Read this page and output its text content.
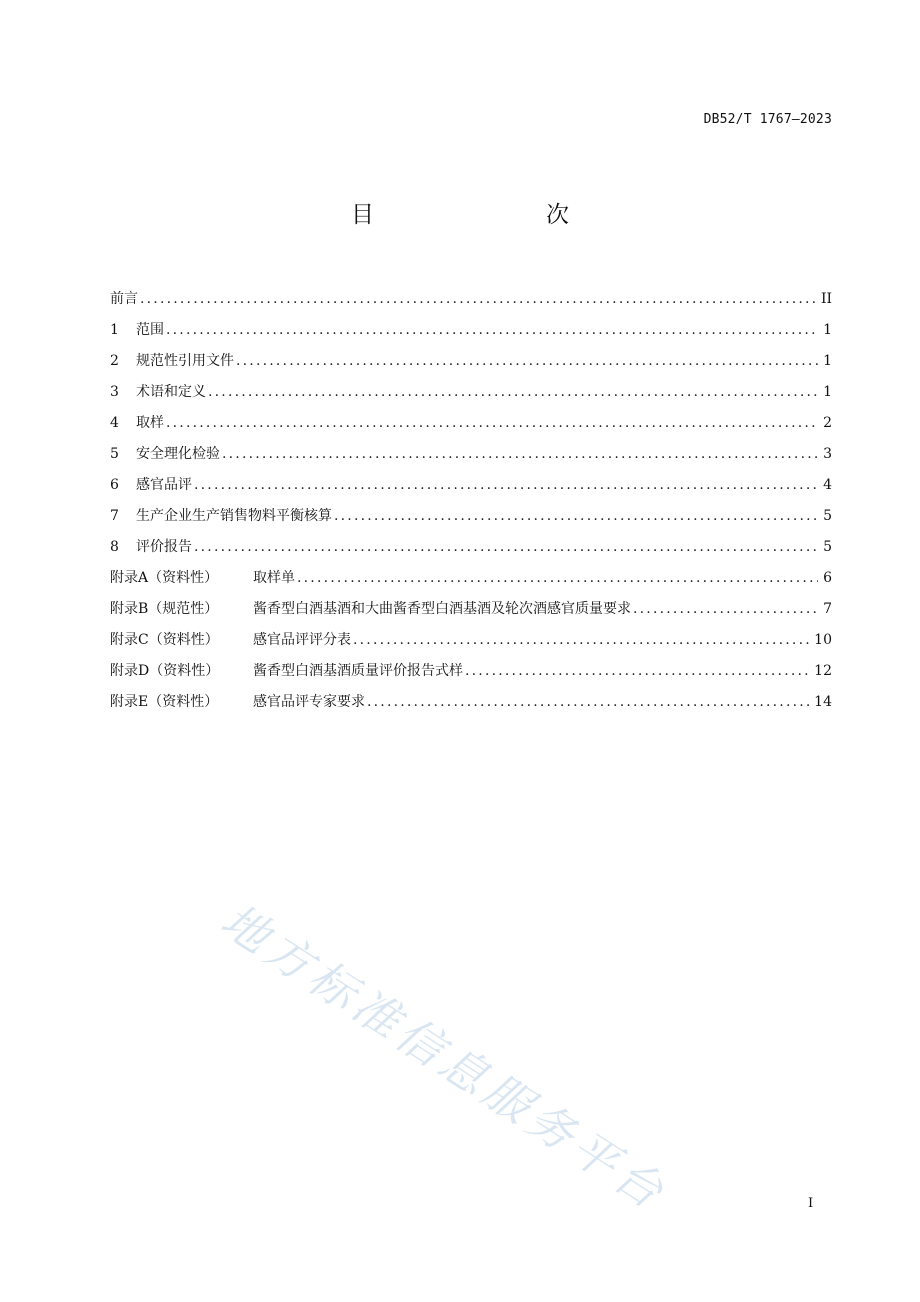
DB52/T 1767—2023
目　　次
前言 .....	II
1	范围 .....	1
2	规范性引用文件 .....	1
3	术语和定义 .....	1
4	取样 .....	2
5	安全理化检验 .....	3
6	感官品评 .....	4
7	生产企业生产销售物料平衡核算 .....	5
8	评价报告 .....	5
附录A（资料性）	取样单 .....	6
附录B（规范性）	酱香型白酒基酒和大曲酱香型白酒基酒及轮次酒感官质量要求 .....	7
附录C（资料性）	感官品评评分表 .....	10
附录D（资料性）	酱香型白酒基酒质量评价报告式样 .....	12
附录E（资料性）	感官品评专家要求 .....	14
地方标准信息服务平台	I
